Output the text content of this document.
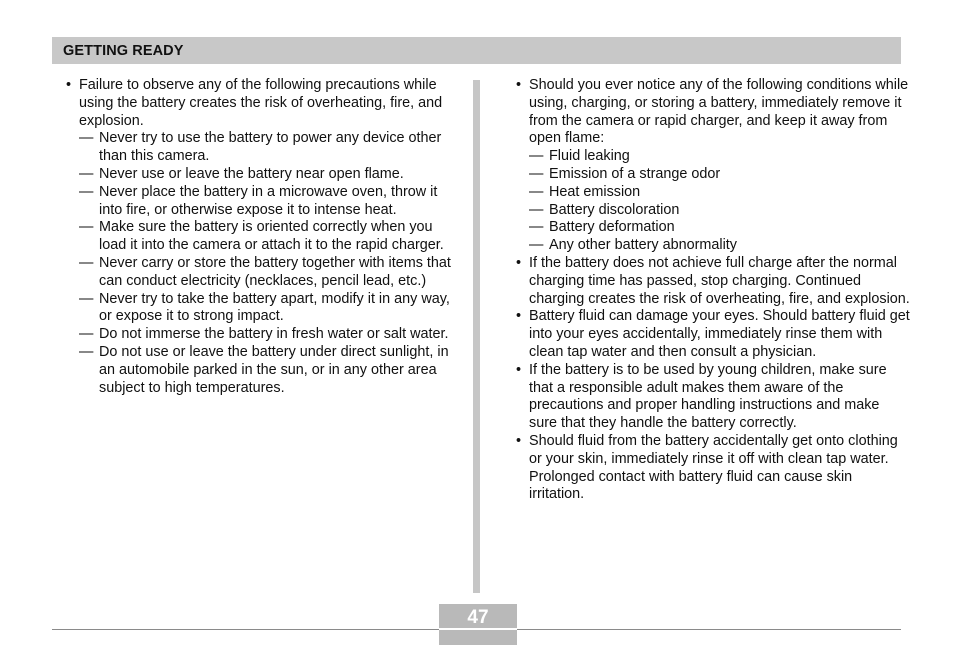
GETTING READY

• Failure to observe any of the following precautions while using the battery creates the risk of overheating, fire, and explosion.

— Never try to use the battery to power any device other than this camera.

— Never use or leave the battery near open flame.

— Never place the battery in a microwave oven, throw it into fire, or otherwise expose it to intense heat.

— Make sure the battery is oriented correctly when you load it into the camera or attach it to the rapid charger.

— Never carry or store the battery together with items that can conduct electricity (necklaces, pencil lead, etc.)

— Never try to take the battery apart, modify it in any way, or expose it to strong impact.

— Do not immerse the battery in fresh water or salt water.

— Do not use or leave the battery under direct sunlight, in an automobile parked in the sun, or in any other area subject to high temperatures.

• Should you ever notice any of the following conditions while using, charging, or storing a battery, immediately remove it from the camera or rapid charger, and keep it away from open flame:

— Fluid leaking

— Emission of a strange odor

— Heat emission

— Battery discoloration

— Battery deformation

— Any other battery abnormality

• If the battery does not achieve full charge after the normal charging time has passed, stop charging. Continued charging creates the risk of overheating, fire, and explosion.

• Battery fluid can damage your eyes. Should battery fluid get into your eyes accidentally, immediately rinse them with clean tap water and then consult a physician.

• If the battery is to be used by young children, make sure that a responsible adult makes them aware of the precautions and proper handling instructions and make sure that they handle the battery correctly.

• Should fluid from the battery accidentally get onto clothing or your skin, immediately rinse it off with clean tap water. Prolonged contact with battery fluid can cause skin irritation.

47
